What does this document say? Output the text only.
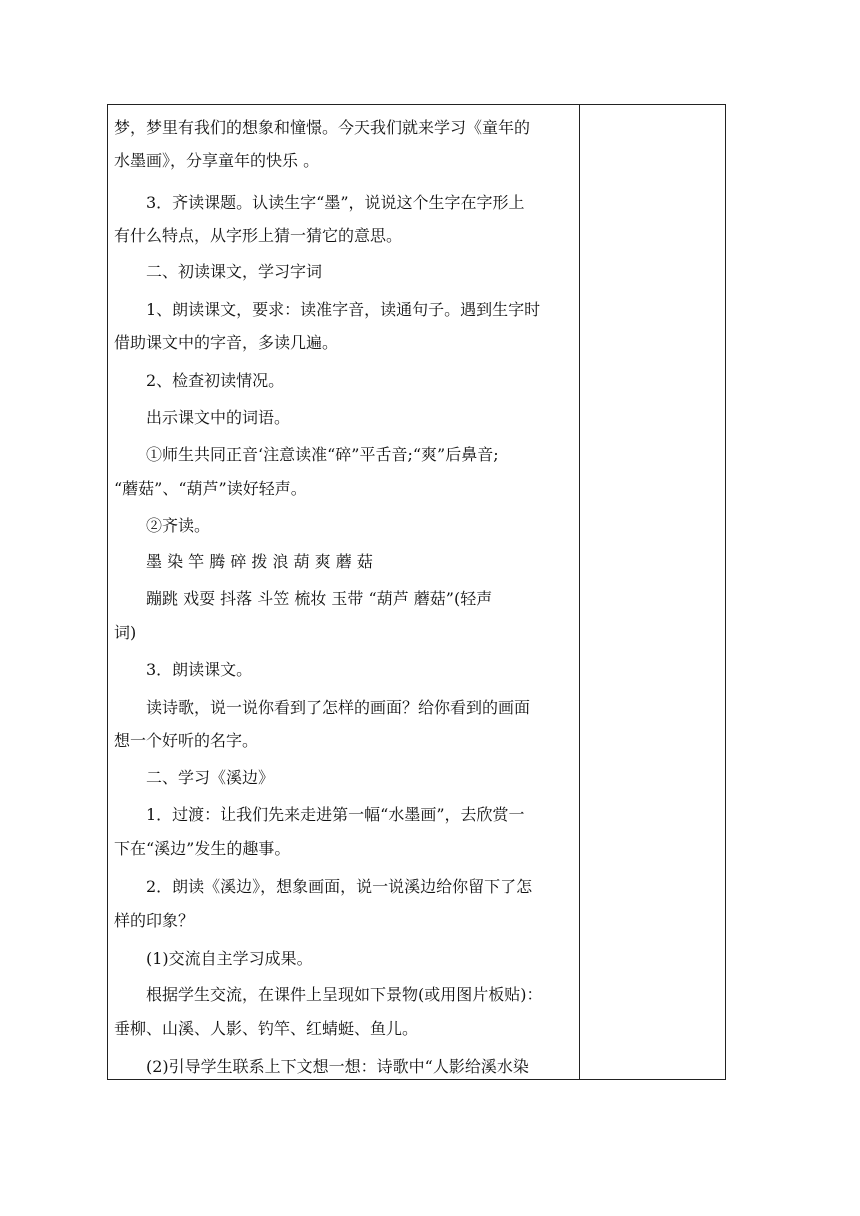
梦，梦里有我们的想象和憧憬。今天我们就来学习《童年的
水墨画》，分享童年的快乐 。
3．齐读课题。认读生字“墨”，说说这个生字在字形上
有什么特点，从字形上猜一猜它的意思。
二、初读课文，学习字词
1、朗读课文，要求：读准字音，读通句子。遇到生字时
借助课文中的字音，多读几遍。
2、检查初读情况。
出示课文中的词语。
①师生共同正音‘注意读准“碎”平舌音;“爽”后鼻音;
“蘑菇”、“葫芦”读好轻声。
②齐读。
墨 染 竿 腾 碎 拨 浪 葫 爽 蘑 菇
蹦跳 戏耍 抖落 斗笠 梳妆 玉带 “葫芦 蘑菇”(轻声
词)
3．朗读课文。
读诗歌，说一说你看到了怎样的画面？给你看到的画面
想一个好听的名字。
二、学习《溪边》
1．过渡：让我们先来走进第一幅“水墨画”，去欣赏一
下在“溪边”发生的趣事。
2．朗读《溪边》，想象画面，说一说溪边给你留下了怎
样的印象？
(1)交流自主学习成果。
根据学生交流，在课件上呈现如下景物(或用图片板贴)：
垂柳、山溪、人影、钓竿、红蜻蜓、鱼儿。
(2)引导学生联系上下文想一想：诗歌中“人影给溪水染
